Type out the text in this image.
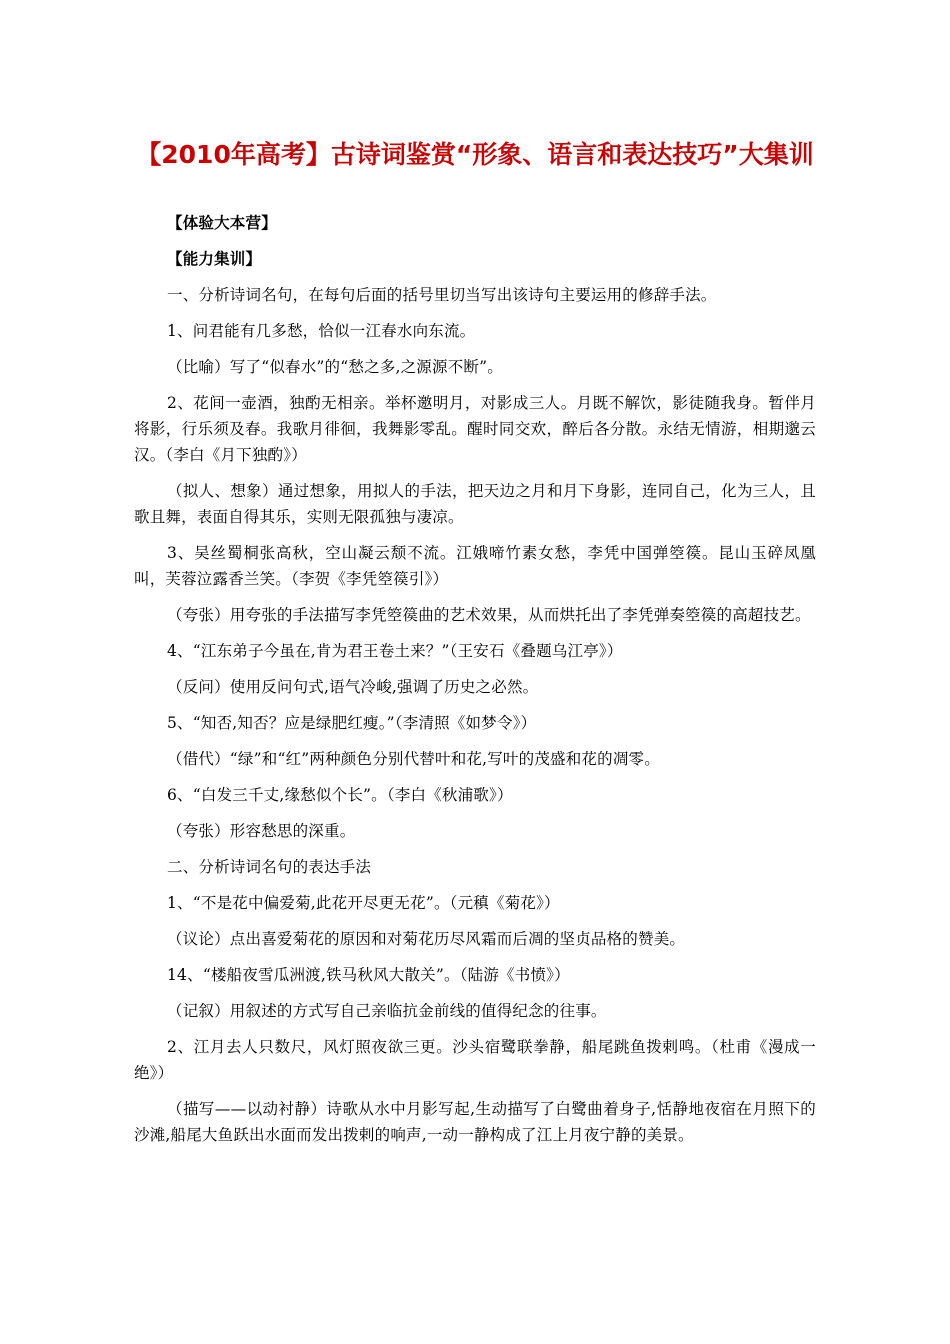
【2010年高考】古诗词鉴赏“形象、语言和表达技巧”大集训

【体验大本营】

【能力集训】

一、分析诗词名句，在每句后面的括号里切当写出该诗句主要运用的修辞手法。

1、问君能有几多愁，恰似一江春水向东流。

（比喻）写了“似春水”的“愁之多,之源源不断”。

2、花间一壶酒，独酌无相亲。举杯邀明月，对影成三人。月既不解饮，影徒随我身。暂伴月将影，行乐须及春。我歌月徘徊，我舞影零乱。醒时同交欢，醉后各分散。永结无情游，相期邈云汉。（李白《月下独酌》）

（拟人、想象）通过想象，用拟人的手法，把天边之月和月下身影，连同自己，化为三人，且歌且舞，表面自得其乐，实则无限孤独与凄凉。

3、吴丝蜀桐张高秋，空山凝云颓不流。江娥啼竹素女愁，李凭中国弹箜篌。昆山玉碎凤凰叫，芙蓉泣露香兰笑。（李贺《李凭箜篌引》）

（夸张）用夸张的手法描写李凭箜篌曲的艺术效果，从而烘托出了李凭弹奏箜篌的高超技艺。

4、“江东弟子今虽在,肯为君王卷土来？”（王安石《叠题乌江亭》）

（反问）使用反问句式,语气冷峻,强调了历史之必然。

5、“知否,知否？应是绿肥红瘦。”（李清照《如梦令》）

（借代）“绿”和“红”两种颜色分别代替叶和花,写叶的茂盛和花的凋零。

6、“白发三千丈,缘愁似个长”。（李白《秋浦歌》）

（夸张）形容愁思的深重。

二、分析诗词名句的表达手法

1、“不是花中偏爱菊,此花开尽更无花”。（元稹《菊花》）

（议论）点出喜爱菊花的原因和对菊花历尽风霜而后凋的坚贞品格的赞美。

14、“楼船夜雪瓜洲渡,铁马秋风大散关”。（陆游《书愤》）

（记叙）用叙述的方式写自己亲临抗金前线的值得纪念的往事。

2、江月去人只数尺，风灯照夜欲三更。沙头宿鹭联拳静，船尾跳鱼拨剌鸣。（杜甫《漫成一绝》）

（描写——以动衬静）诗歌从水中月影写起,生动描写了白鹭曲着身子,恬静地夜宿在月照下的沙滩,船尾大鱼跃出水面而发出拨剌的响声,一动一静构成了江上月夜宁静的美景。
